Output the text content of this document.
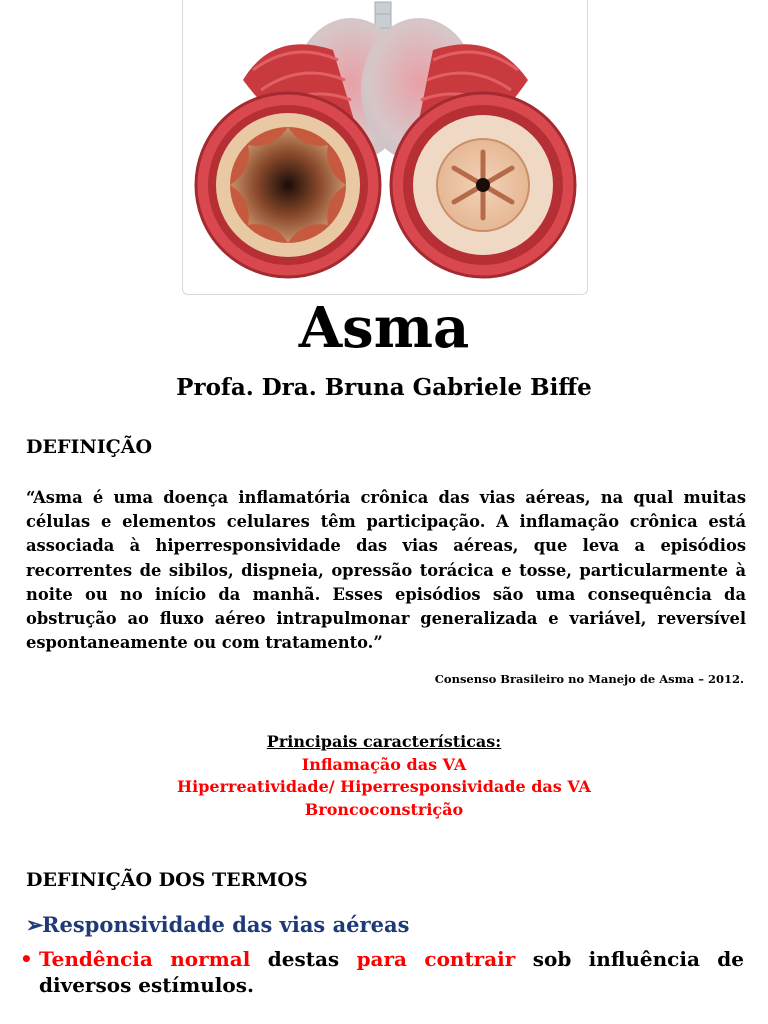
Asma
Profa. Dra. Bruna Gabriele Biffe
DEFINIÇÃO
“Asma é uma doença inflamatória crônica das vias aéreas, na qual muitas células e elementos celulares têm participação. A inflamação crônica está associada à hiperresponsividade das vias aéreas, que leva a episódios recorrentes de sibilos, dispneia, opressão torácica e tosse, particularmente à noite ou no início da manhã. Esses episódios são uma consequência da obstrução ao fluxo aéreo intrapulmonar generalizada e variável, reversível espontaneamente ou com tratamento.”
Consenso Brasileiro no Manejo de Asma – 2012.
Principais características:
Inflamação das VA
Hiperreatividade/ Hiperresponsividade das VA
Broncoconstrição
DEFINIÇÃO DOS TERMOS
➢Responsividade das vias aéreas
• Tendência normal destas para contrair sob influência de
diversos estímulos.
